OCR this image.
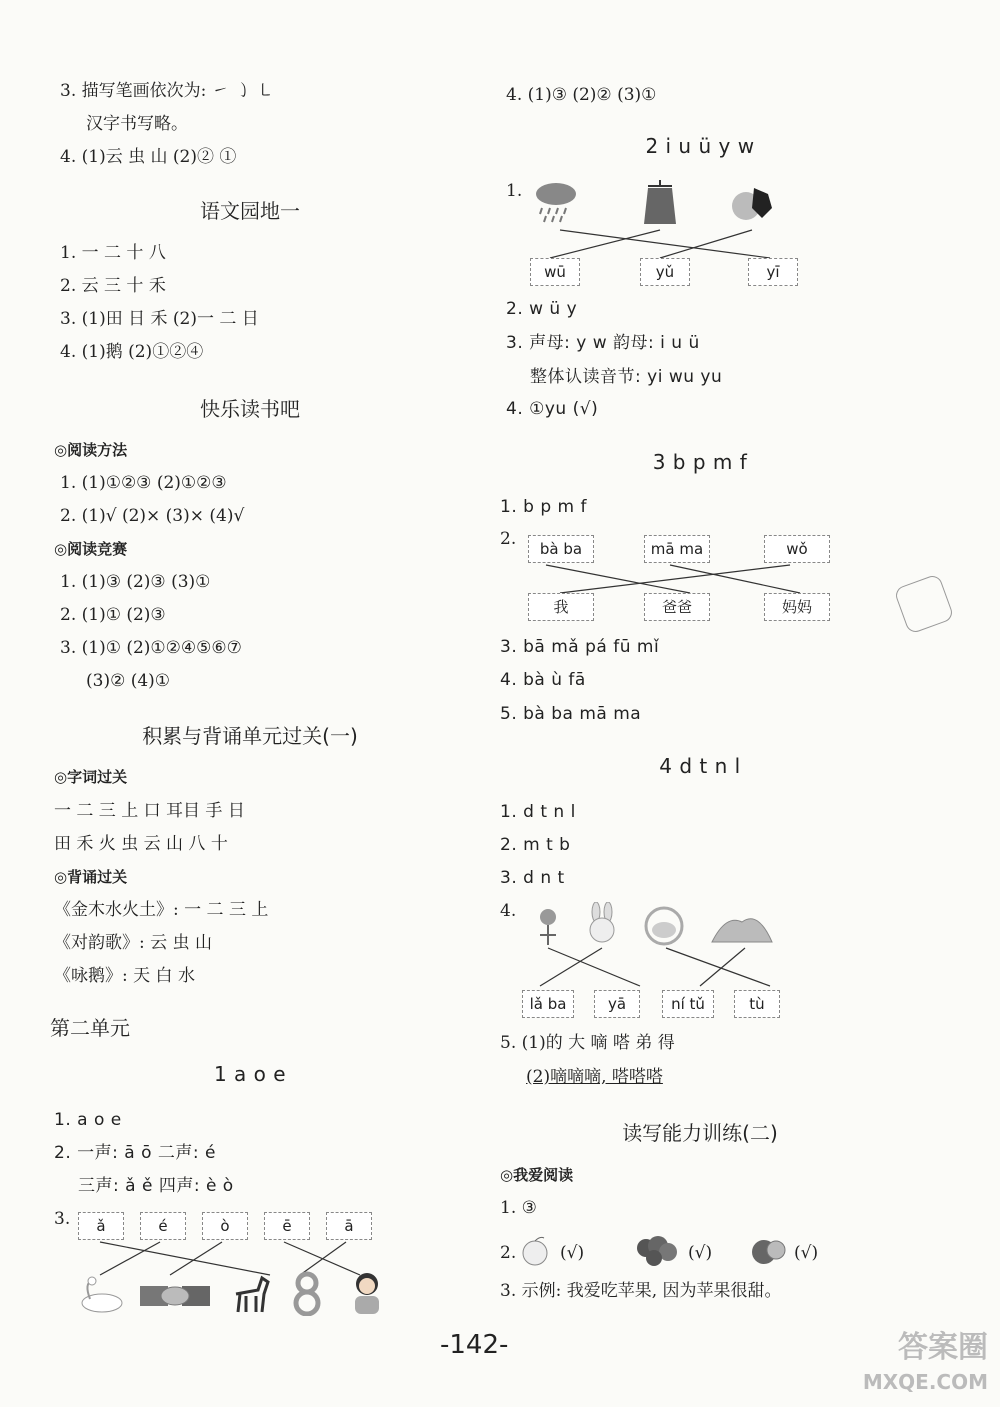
3. 描写笔画依次为: ㇀ ㇁ ㇄
汉字书写略。
4. (1)云 虫 山 (2)② ①
语文园地一
1. 一 二 十 八
2. 云 三 十 禾
3. (1)田 日 禾 (2)一 二 日
4. (1)鹅 (2)①②④
快乐读书吧
◎阅读方法
1. (1)①②③ (2)①②③
2. (1)√ (2)× (3)× (4)√
◎阅读竞赛
1. (1)③ (2)③ (3)①
2. (1)① (2)③
3. (1)① (2)①②④⑤⑥⑦
(3)② (4)①
积累与背诵单元过关(一)
◎字词过关
一 二 三 上 口 耳目 手 日
田 禾 火 虫 云 山 八 十
◎背诵过关
《金木水火土》: 一 二 三 上
《对韵歌》: 云 虫 山
《咏鹅》: 天 白 水
第二单元
1 a o e
1. a o e
2. 一声: ā ō 二声: é
三声: ǎ ě 四声: è ò
3.	ǎ	é	ò	ē	ā
4. (1)③ (2)② (3)①
2 i u ü y w
1.
wū	yǔ	yī
2. w ü y
3. 声母: y w 韵母: i u ü
整体认读音节: yi wu yu
4. ①yu (√)
3 b p m f
1. b p m f
2.	bà ba	mā ma	wǒ
我	爸爸	妈妈
3. bā mǎ pá fū mǐ
4. bà ù fā
5. bà ba mā ma
4 d t n l
1. d t n l
2. m t b
3. d n t
4.
lǎ ba	yā	ní tǔ	tù
5. (1)的 大 嘀 嗒 弟 得
(2)嘀嘀嘀, 嗒嗒嗒
读写能力训练(二)
◎我爱阅读
1. ③
2.	(√)	(√)	(√)
3. 示例: 我爱吃苹果, 因为苹果很甜。
-142-	答案圈
MXQE.COM
